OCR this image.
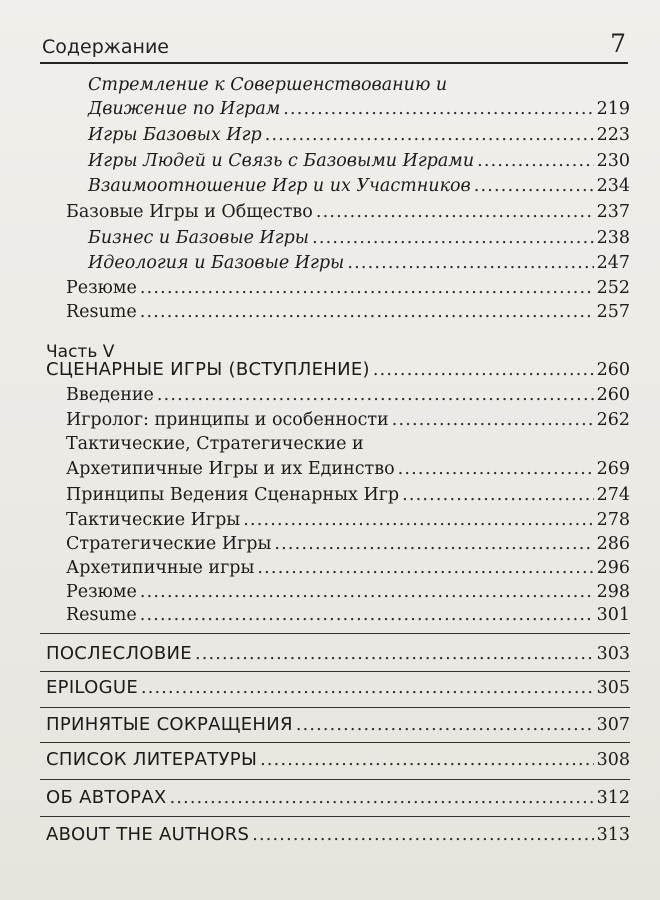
Содержание	7
Стремление к Совершенствованию и
Движение по Играм .....	219
Игры Базовых Игр .....	223
Игры Людей и Связь с Базовыми Играми .....	230
Взаимоотношение Игр и их Участников .....	234
Базовые Игры и Общество .....	237
Бизнес и Базовые Игры .....	238
Идеология и Базовые Игры .....	247
Резюме .....	252
Resume .....	257
Часть V
СЦЕНАРНЫЕ ИГРЫ (ВСТУПЛЕНИЕ) .....	260
Введение .....	260
Игролог: принципы и особенности .....	262
Тактические, Стратегические и
Архетипичные Игры и их Единство .....	269
Принципы Ведения Сценарных Игр .....	274
Тактические Игры .....	278
Стратегические Игры .....	286
Архетипичные игры .....	296
Резюме .....	298
Resume .....	301
ПОСЛЕСЛОВИЕ .....	303
EPILOGUE .....	305
ПРИНЯТЫЕ СОКРАЩЕНИЯ .....	307
СПИСОК ЛИТЕРАТУРЫ .....	308
ОБ АВТОРАХ .....	312
ABOUT THE AUTHORS .....	313
